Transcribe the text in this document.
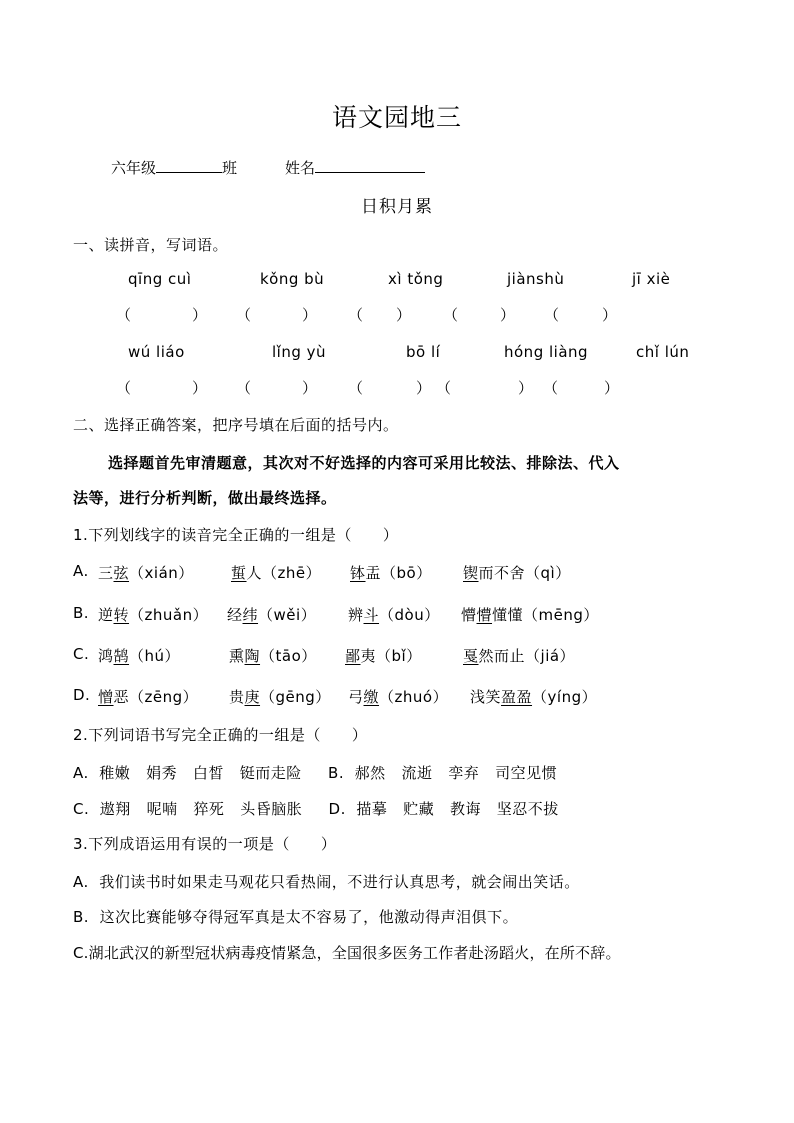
语文园地三
六年级	班	姓名
日积月累
一、读拼音，写词语。
qīng cuì	kǒng bù	xì tǒng	jiànshù	jī xiè
（	） （	） （ ） （	） （	）
wú liáo	lǐng yù	bō lí	hóng liàng	chǐ lún
（	） （	） （	） （	） （	）
二、选择正确答案，把序号填在后面的括号内。
选择题首先审清题意，其次对不好选择的内容可采用比较法、排除法、代入
法等，进行分析判断，做出最终选择。
1.下列划线字的读音完全正确的一组是（　　）
A. 三弦（xián） 蜇人（zhē） 钵盂（bō） 锲而不舍（qì）
B. 逆转（zhuǎn） 经纬（wěi） 辨斗（dòu） 懵懵懂懂（mēng）
C. 鸿鹄（hú）	熏陶（tāo） 鄙夷（bǐ）	戛然而止（jiá）
D. 憎恶（zēng） 贵庚（gēng） 弓缴（zhuó） 浅笑盈盈（yíng）
2.下列词语书写完全正确的一组是（　　）
A.  稚嫩   娟秀   白皙   铤而走险     B.  郝然   流逝   孪弃   司空见惯
C.  遨翔   呢喃   猝死   头昏脑胀     D.  描摹   贮藏   教诲   坚忍不拔
3.下列成语运用有误的一项是（　　）
A.  我们读书时如果走马观花只看热闹，不进行认真思考，就会闹出笑话。
B.  这次比赛能够夺得冠军真是太不容易了，他激动得声泪俱下。
C.湖北武汉的新型冠状病毒疫情紧急，全国很多医务工作者赴汤蹈火，在所不辞。
